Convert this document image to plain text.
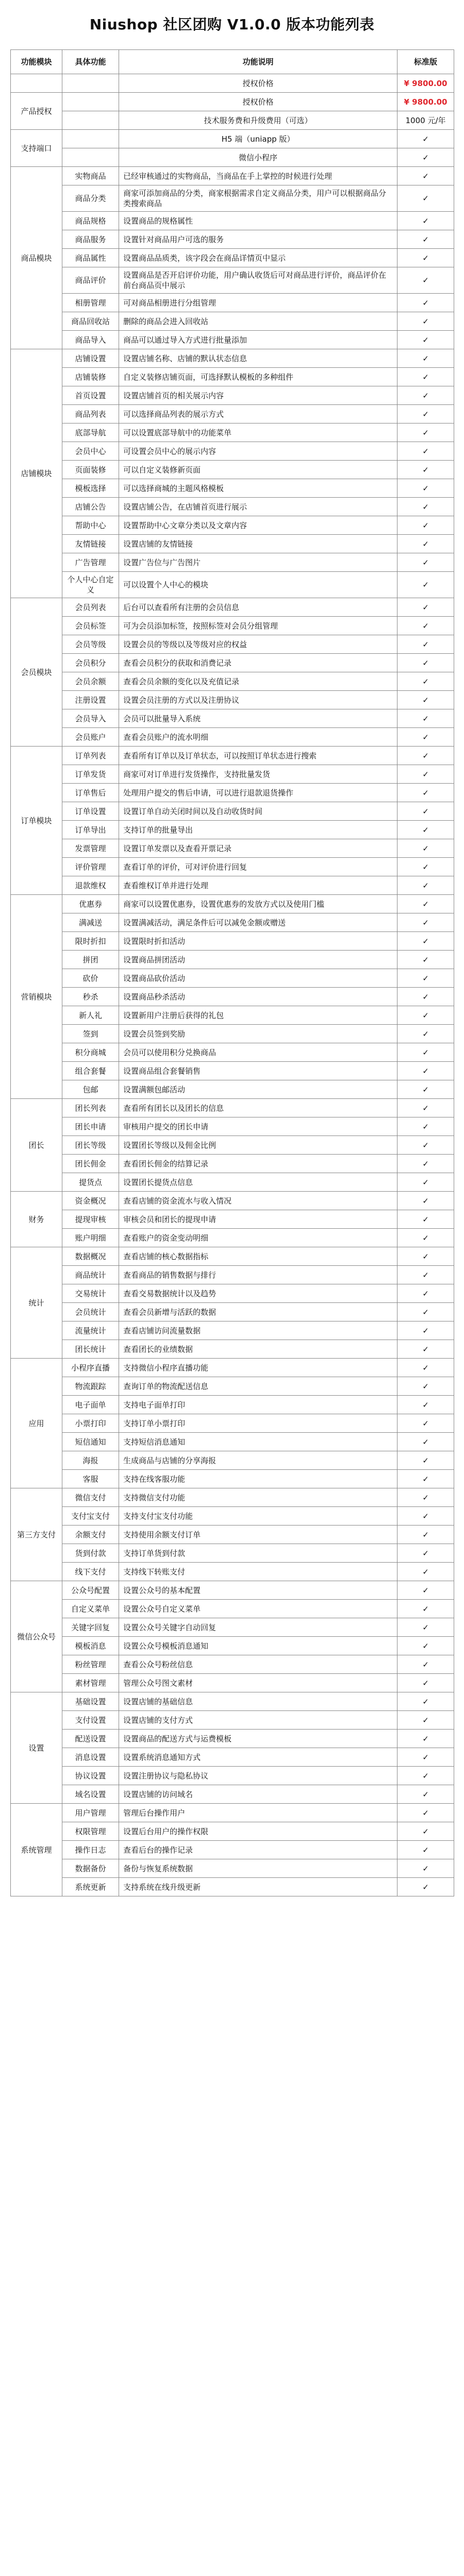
Niushop 社区团购 V1.0.0 版本功能列表
功能模块	具体功能	功能说明	标准版
		授权价格	¥ 9800.00
产品授权		授权价格	¥ 9800.00
		技术服务费和升级费用（可选）	1000 元/年
支持端口		H5 端（uniapp 版）	✓
		微信小程序	✓
商品模块	实物商品	已经审核通过的实物商品，当商品在手上掌控的时候进行处理	✓
	商品分类	商家可添加商品的分类，商家根据需求自定义商品分类，用户可以根据商品分类搜索商品	✓
	商品规格	设置商品的规格属性	✓
	商品服务	设置针对商品用户可选的服务	✓
	商品属性	设置商品品质类，该字段会在商品详情页中显示	✓
	商品评价	设置商品是否开启评价功能，用户确认收货后可对商品进行评价，商品评价在前台商品页中展示	✓
	相册管理	可对商品相册进行分组管理	✓
	商品回收站	删除的商品会进入回收站	✓
	商品导入	商品可以通过导入方式进行批量添加	✓
店铺模块	店铺设置	设置店铺名称、店铺的默认状态信息	✓
	店铺装修	自定义装修店铺页面，可选择默认模板的多种组件	✓
	首页设置	设置店铺首页的相关展示内容	✓
	商品列表	可以选择商品列表的展示方式	✓
	底部导航	可以设置底部导航中的功能菜单	✓
	会员中心	可设置会员中心的展示内容	✓
	页面装修	可以自定义装修新页面	✓
	模板选择	可以选择商城的主题风格模板	✓
	店铺公告	设置店铺公告，在店铺首页进行展示	✓
	帮助中心	设置帮助中心文章分类以及文章内容	✓
	友情链接	设置店铺的友情链接	✓
	广告管理	设置广告位与广告图片	✓
	个人中心自定义	可以设置个人中心的模块	✓
会员模块	会员列表	后台可以查看所有注册的会员信息	✓
	会员标签	可为会员添加标签，按照标签对会员分组管理	✓
	会员等级	设置会员的等级以及等级对应的权益	✓
	会员积分	查看会员积分的获取和消费记录	✓
	会员余额	查看会员余额的变化以及充值记录	✓
	注册设置	设置会员注册的方式以及注册协议	✓
	会员导入	会员可以批量导入系统	✓
	会员账户	查看会员账户的流水明细	✓
订单模块	订单列表	查看所有订单以及订单状态，可以按照订单状态进行搜索	✓
	订单发货	商家可对订单进行发货操作，支持批量发货	✓
	订单售后	处理用户提交的售后申请，可以进行退款退货操作	✓
	订单设置	设置订单自动关闭时间以及自动收货时间	✓
	订单导出	支持订单的批量导出	✓
	发票管理	设置订单发票以及查看开票记录	✓
	评价管理	查看订单的评价，可对评价进行回复	✓
	退款维权	查看维权订单并进行处理	✓
营销模块	优惠券	商家可以设置优惠券，设置优惠券的发放方式以及使用门槛	✓
	满减送	设置满减活动，满足条件后可以减免金额或赠送	✓
	限时折扣	设置限时折扣活动	✓
	拼团	设置商品拼团活动	✓
	砍价	设置商品砍价活动	✓
	秒杀	设置商品秒杀活动	✓
	新人礼	设置新用户注册后获得的礼包	✓
	签到	设置会员签到奖励	✓
	积分商城	会员可以使用积分兑换商品	✓
	组合套餐	设置商品组合套餐销售	✓
	包邮	设置满额包邮活动	✓
团长	团长列表	查看所有团长以及团长的信息	✓
	团长申请	审核用户提交的团长申请	✓
	团长等级	设置团长等级以及佣金比例	✓
	团长佣金	查看团长佣金的结算记录	✓
	提货点	设置团长提货点信息	✓
财务	资金概况	查看店铺的资金流水与收入情况	✓
	提现审核	审核会员和团长的提现申请	✓
	账户明细	查看账户的资金变动明细	✓
统计	数据概况	查看店铺的核心数据指标	✓
	商品统计	查看商品的销售数据与排行	✓
	交易统计	查看交易数据统计以及趋势	✓
	会员统计	查看会员新增与活跃的数据	✓
	流量统计	查看店铺访问流量数据	✓
	团长统计	查看团长的业绩数据	✓
应用	小程序直播	支持微信小程序直播功能	✓
	物流跟踪	查询订单的物流配送信息	✓
	电子面单	支持电子面单打印	✓
	小票打印	支持订单小票打印	✓
	短信通知	支持短信消息通知	✓
	海报	生成商品与店铺的分享海报	✓
	客服	支持在线客服功能	✓
第三方支付	微信支付	支持微信支付功能	✓
	支付宝支付	支持支付宝支付功能	✓
	余额支付	支持使用余额支付订单	✓
	货到付款	支持订单货到付款	✓
	线下支付	支持线下转账支付	✓
微信公众号	公众号配置	设置公众号的基本配置	✓
	自定义菜单	设置公众号自定义菜单	✓
	关键字回复	设置公众号关键字自动回复	✓
	模板消息	设置公众号模板消息通知	✓
	粉丝管理	查看公众号粉丝信息	✓
	素材管理	管理公众号图文素材	✓
设置	基础设置	设置店铺的基础信息	✓
	支付设置	设置店铺的支付方式	✓
	配送设置	设置商品的配送方式与运费模板	✓
	消息设置	设置系统消息通知方式	✓
	协议设置	设置注册协议与隐私协议	✓
	域名设置	设置店铺的访问域名	✓
系统管理	用户管理	管理后台操作用户	✓
	权限管理	设置后台用户的操作权限	✓
	操作日志	查看后台的操作记录	✓
	数据备份	备份与恢复系统数据	✓
	系统更新	支持系统在线升级更新	✓
